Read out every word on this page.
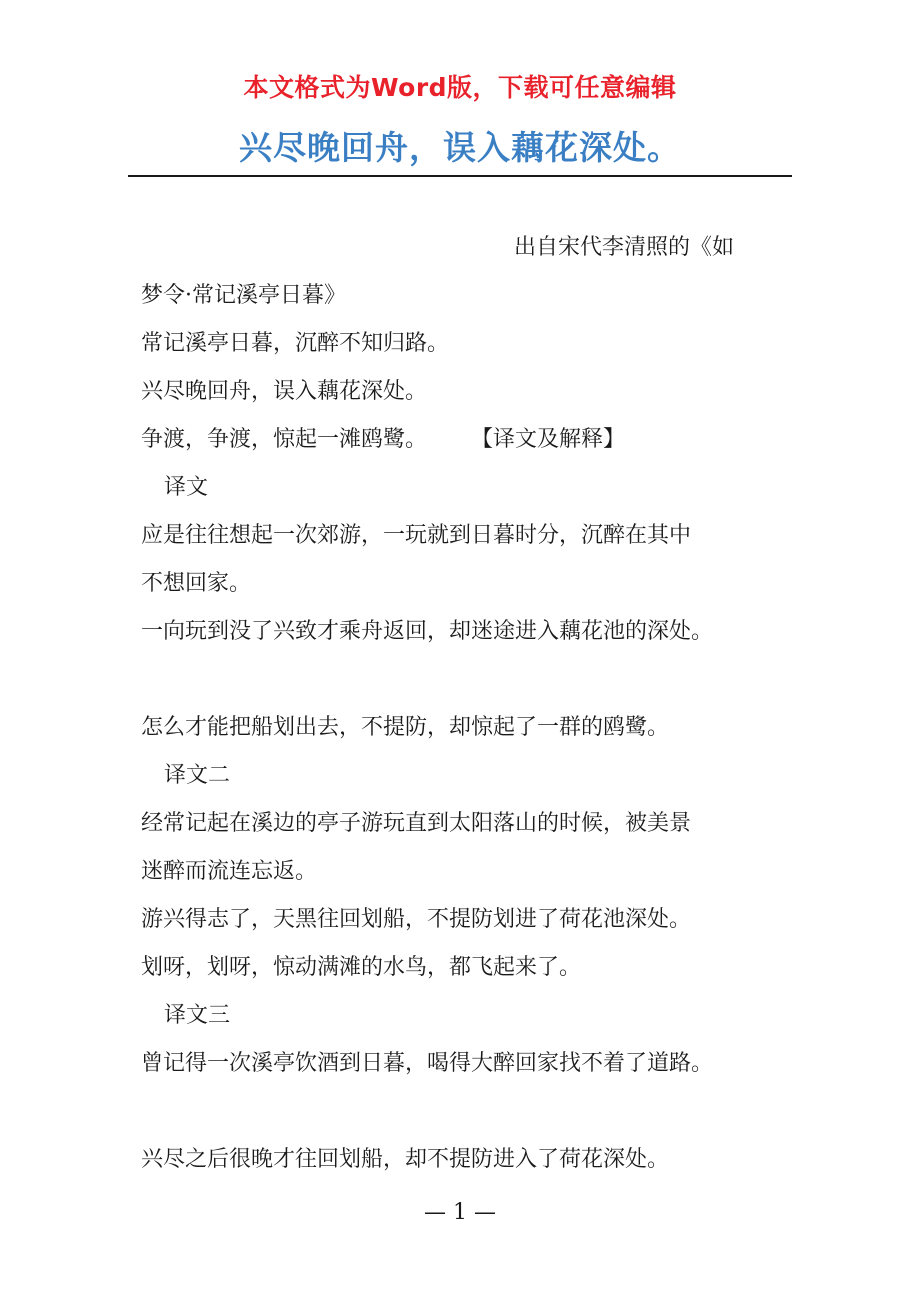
本文格式为Word版，下载可任意编辑
兴尽晚回舟，误入藕花深处。
出自宋代李清照的《如
梦令·常记溪亭日暮》
常记溪亭日暮，沉醉不知归路。
兴尽晚回舟，误入藕花深处。
争渡，争渡，惊起一滩鸥鹭。 【译文及解释】
译文
应是往往想起一次郊游，一玩就到日暮时分，沉醉在其中
不想回家。
一向玩到没了兴致才乘舟返回，却迷途进入藕花池的深处。
怎么才能把船划出去，不提防，却惊起了一群的鸥鹭。
译文二
经常记起在溪边的亭子游玩直到太阳落山的时候，被美景
迷醉而流连忘返。
游兴得志了，天黑往回划船，不提防划进了荷花池深处。
划呀，划呀，惊动满滩的水鸟，都飞起来了。
译文三
曾记得一次溪亭饮酒到日暮，喝得大醉回家找不着了道路。
兴尽之后很晚才往回划船，却不提防进入了荷花深处。
— 1 —
